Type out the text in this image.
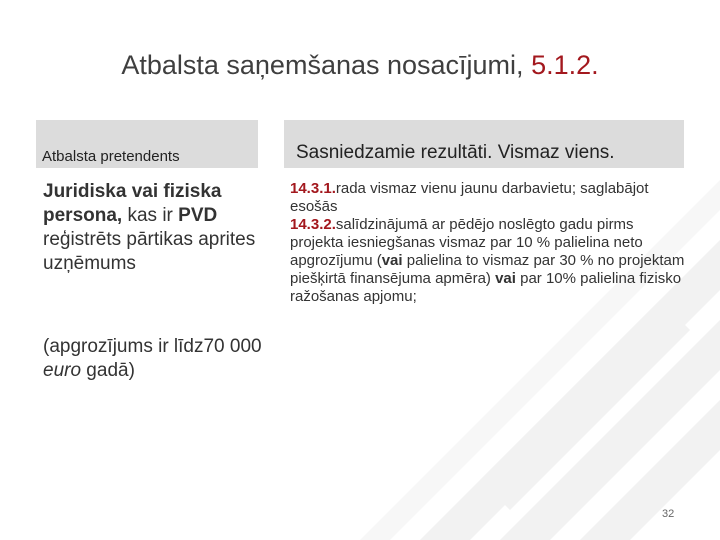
Atbalsta saņemšanas nosacījumi, 5.1.2.
Atbalsta pretendents	Sasniedzamie rezultāti. Vismaz viens.
Juridiska vai fiziska persona, kas ir PVD reģistrēts pārtikas aprites uzņēmums
(apgrozījums ir līdz70 000 euro gadā)

14.3.1.rada vismaz vienu jaunu darbavietu; saglabājot esošās

14.3.2.salīdzinājumā ar pēdējo noslēgto gadu pirms projekta iesniegšanas vismaz par 10 % palielina neto apgrozījumu (vai palielina to vismaz par 30 % no projektam piešķirtā finansējuma apmēra) vai par 10% palielina fizisko ražošanas apjomu;

32
